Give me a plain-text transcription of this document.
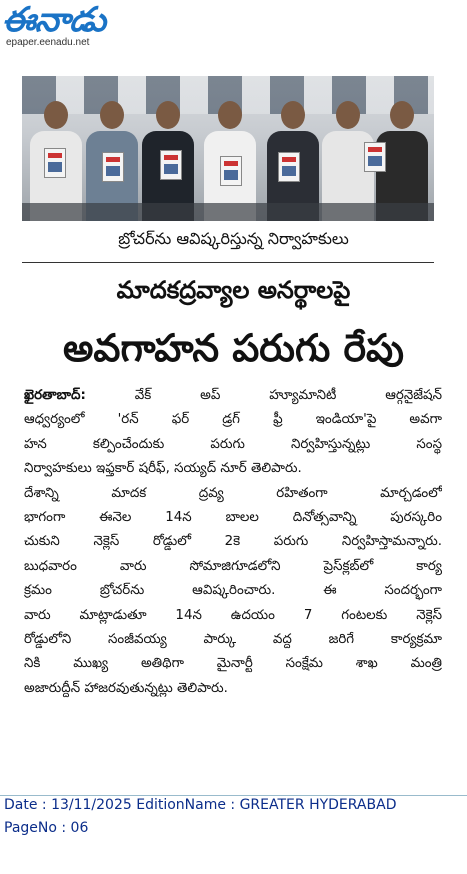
ఈనాడు
epaper.eenadu.net
బ్రోచర్‌ను ఆవిష్కరిస్తున్న నిర్వాహకులు
మాదకద్రవ్యాల అనర్థాలపై
అవగాహన పరుగు రేపు
ఖైరతాబాద్:	వేక్ అప్ హ్యూమానిటీ ఆర్గనైజేషన్
ఆధ్వర్యంలో 'రన్ ఫర్ డ్రగ్ ఫ్రీ ఇండియా'పై అవగా
హన కల్పించేందుకు పరుగు నిర్వహిస్తున్నట్లు సంస్థ
నిర్వాహకులు ఇఫ్తకార్ షరీఫ్, సయ్యద్ నూర్ తెలిపారు.
దేశాన్ని మాదక ద్రవ్య రహితంగా మార్చడంలో
భాగంగా ఈనెల 14న బాలల దినోత్సవాన్ని పురస్కరిం
చుకుని నెక్లెస్ రోడ్డులో 2కె పరుగు నిర్వహిస్తామన్నారు.
బుధవారం వారు సోమాజిగూడలోని ప్రెస్‌క్లబ్‌లో కార్య
క్రమం బ్రోచర్‌ను ఆవిష్కరించారు. ఈ సందర్భంగా
వారు మాట్లాడుతూ 14న ఉదయం 7 గంటలకు నెక్లెస్
రోడ్డులోని సంజీవయ్య పార్కు వద్ద జరిగే కార్యక్రమా
నికి ముఖ్య అతిథిగా మైనార్టీ సంక్షేమ శాఖ మంత్రి
అజారుద్దీన్ హాజరవుతున్నట్లు తెలిపారు.
Date : 13/11/2025 EditionName : GREATER HYDERABAD
PageNo : 06
